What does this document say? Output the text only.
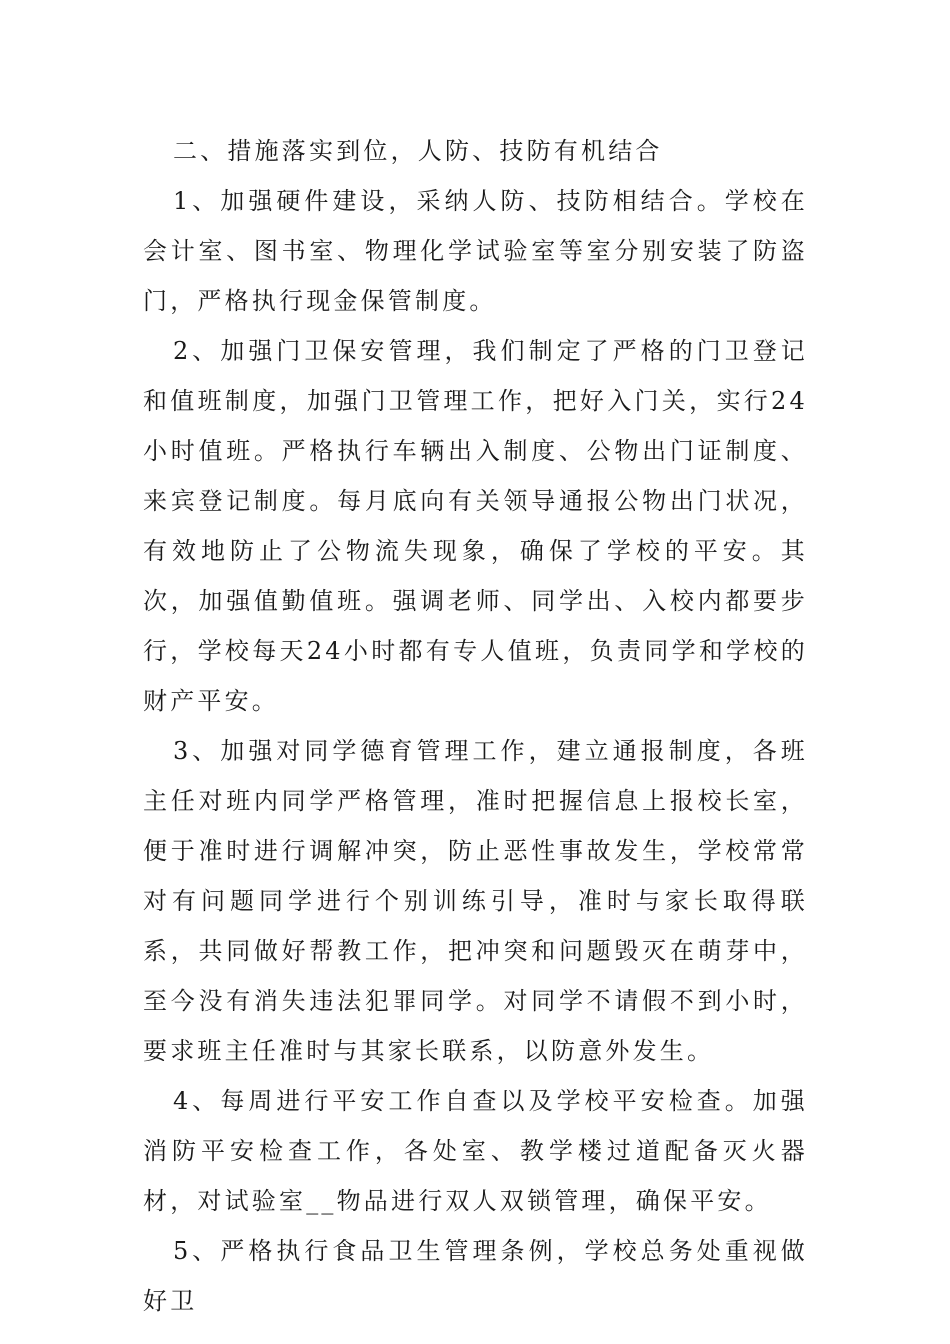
二、措施落实到位，人防、技防有机结合

1、加强硬件建设，采纳人防、技防相结合。学校在会计室、图书室、物理化学试验室等室分别安装了防盗门，严格执行现金保管制度。

2、加强门卫保安管理，我们制定了严格的门卫登记和值班制度，加强门卫管理工作，把好入门关，实行24小时值班。严格执行车辆出入制度、公物出门证制度、来宾登记制度。每月底向有关领导通报公物出门状况，有效地防止了公物流失现象，确保了学校的平安。其次，加强值勤值班。强调老师、同学出、入校内都要步行，学校每天24小时都有专人值班，负责同学和学校的财产平安。

3、加强对同学德育管理工作，建立通报制度，各班主任对班内同学严格管理，准时把握信息上报校长室，便于准时进行调解冲突，防止恶性事故发生，学校常常对有问题同学进行个别训练引导，准时与家长取得联系，共同做好帮教工作，把冲突和问题毁灭在萌芽中，至今没有消失违法犯罪同学。对同学不请假不到小时，要求班主任准时与其家长联系，以防意外发生。

4、每周进行平安工作自查以及学校平安检查。加强消防平安检查工作，各处室、教学楼过道配备灭火器材，对试验室__物品进行双人双锁管理，确保平安。

5、严格执行食品卫生管理条例，学校总务处重视做好卫
